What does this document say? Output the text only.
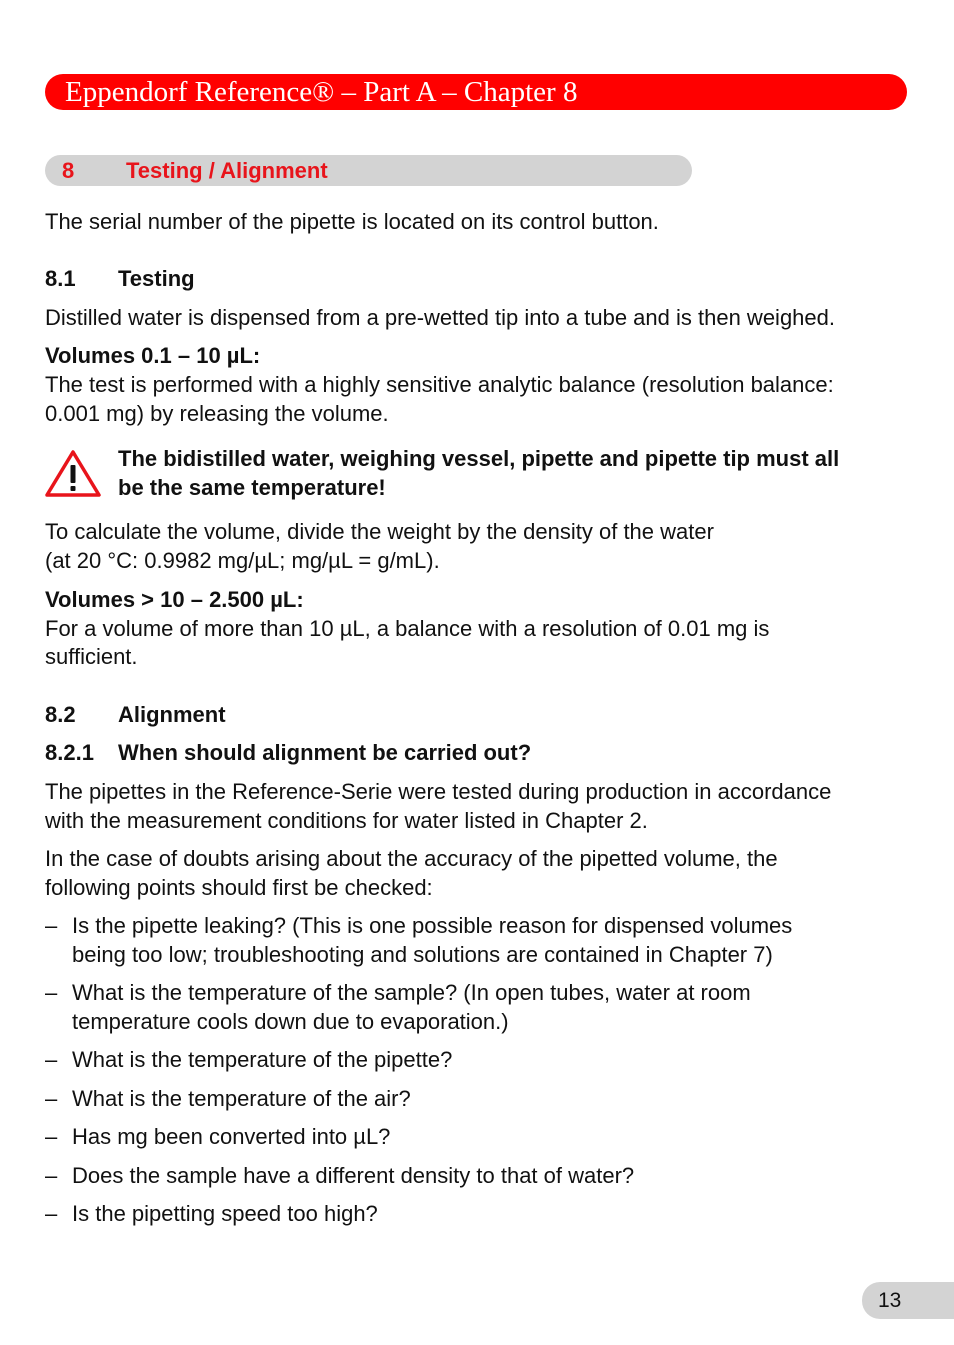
Eppendorf Reference® – Part A – Chapter 8
8 Testing / Alignment
The serial number of the pipette is located on its control button.
8.1 Testing
Distilled water is dispensed from a pre-wetted tip into a tube and is then weighed.
Volumes 0.1 – 10 µL:
The test is performed with a highly sensitive analytic balance (resolution balance:
0.001 mg) by releasing the volume.
The bidistilled water, weighing vessel, pipette and pipette tip must all
be the same temperature!
To calculate the volume, divide the weight by the density of the water
(at 20 °C: 0.9982 mg/µL; mg/µL = g/mL).
Volumes > 10 – 2.500 µL:
For a volume of more than 10 µL, a balance with a resolution of 0.01 mg is
sufficient.
8.2 Alignment
8.2.1 When should alignment be carried out?
The pipettes in the Reference-Serie were tested during production in accordance
with the measurement conditions for water listed in Chapter 2.
In the case of doubts arising about the accuracy of the pipetted volume, the
following points should first be checked:
– Is the pipette leaking? (This is one possible reason for dispensed volumes
being too low; troubleshooting and solutions are contained in Chapter 7)
– What is the temperature of the sample? (In open tubes, water at room
temperature cools down due to evaporation.)
– What is the temperature of the pipette?
– What is the temperature of the air?
– Has mg been converted into µL?
– Does the sample have a different density to that of water?
– Is the pipetting speed too high?
13
